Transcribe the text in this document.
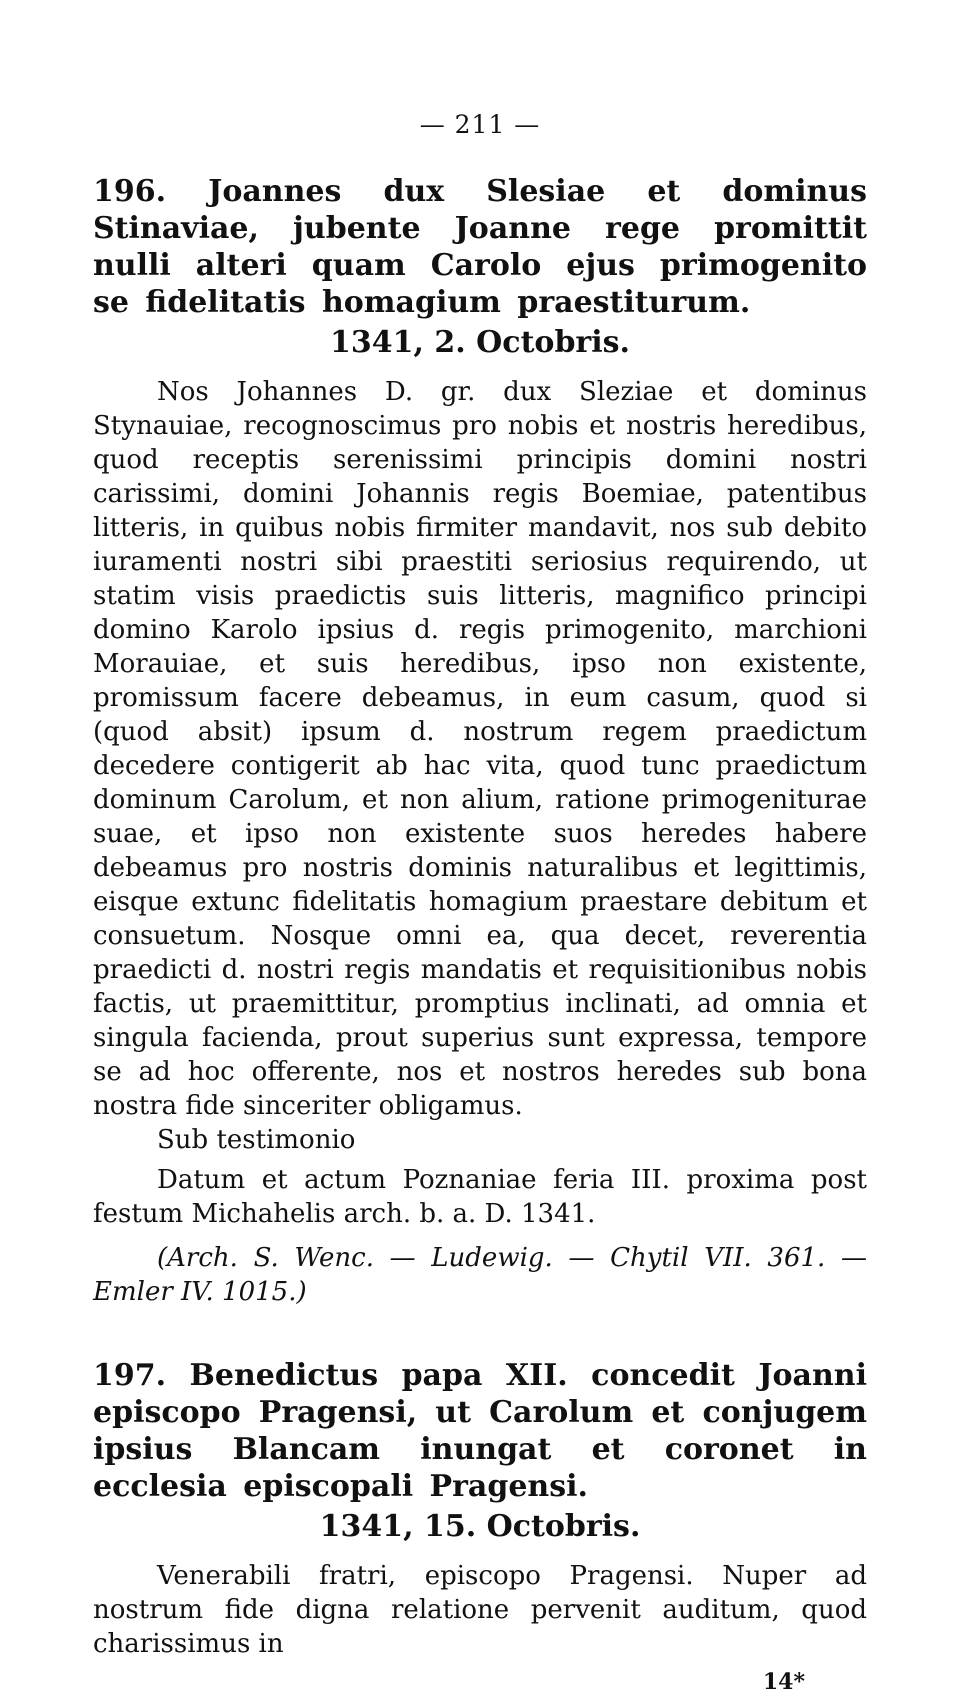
— 211 —
196. Joannes dux Slesiae et dominus Stinaviae, jubente Joanne rege promittit nulli alteri quam Carolo ejus primogenito se fidelitatis homagium praestiturum.
1341, 2. Octobris.

Nos Johannes D. gr. dux Sleziae et dominus Stynauiae, recognoscimus pro nobis et nostris heredibus, quod receptis serenissimi principis domini nostri carissimi, domini Johannis regis Boemiae, patentibus litteris, in quibus nobis firmiter mandavit, nos sub debito iuramenti nostri sibi praestiti seriosius requirendo, ut statim visis praedictis suis litteris, magnifico principi domino Karolo ipsius d. regis primogenito, marchioni Morauiae, et suis heredibus, ipso non existente, promissum facere debeamus, in eum casum, quod si (quod absit) ipsum d. nostrum regem praedictum decedere contigerit ab hac vita, quod tunc praedictum dominum Carolum, et non alium, ratione primogeniturae suae, et ipso non existente suos heredes habere debeamus pro nostris dominis naturalibus et legittimis, eisque extunc fidelitatis homagium praestare debitum et consuetum. Nosque omni ea, qua decet, reverentia praedicti d. nostri regis mandatis et requisitionibus nobis factis, ut praemittitur, promptius inclinati, ad omnia et singula facienda, prout superius sunt expressa, tempore se ad hoc offerente, nos et nostros heredes sub bona nostra fide sinceriter obligamus.

Sub testimonio

Datum et actum Poznaniae feria III. proxima post festum Michahelis arch. b. a. D. 1341.

(Arch. S. Wenc. — Ludewig. — Chytil VII. 361. — Emler IV. 1015.)
197. Benedictus papa XII. concedit Joanni episcopo Pragensi, ut Carolum et conjugem ipsius Blancam inungat et coronet in ecclesia episcopali Pragensi.
1341, 15. Octobris.

Venerabili fratri, episcopo Pragensi. Nuper ad nostrum fide digna relatione pervenit auditum, quod charissimus in

14*
